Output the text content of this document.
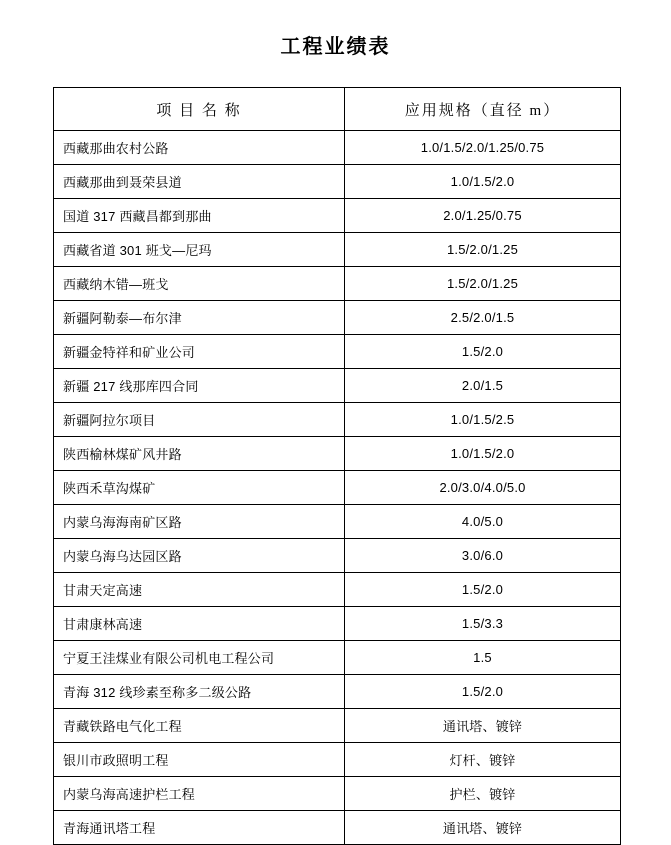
工程业绩表
项 目 名 称	应用规格（直径 m）
西藏那曲农村公路	1.0/1.5/2.0/1.25/0.75
西藏那曲到聂荣县道	1.0/1.5/2.0
国道 317 西藏昌都到那曲	2.0/1.25/0.75
西藏省道 301 班戈—尼玛	1.5/2.0/1.25
西藏纳木错—班戈	1.5/2.0/1.25
新疆阿勒泰—布尔津	2.5/2.0/1.5
新疆金特祥和矿业公司	1.5/2.0
新疆 217 线那库四合同	2.0/1.5
新疆阿拉尔项目	1.0/1.5/2.5
陕西榆林煤矿风井路	1.0/1.5/2.0
陕西禾草沟煤矿	2.0/3.0/4.0/5.0
内蒙乌海海南矿区路	4.0/5.0
内蒙乌海乌达园区路	3.0/6.0
甘肃天定高速	1.5/2.0
甘肃康林高速	1.5/3.3
宁夏王洼煤业有限公司机电工程公司	1.5
青海 312 线珍素至称多二级公路	1.5/2.0
青藏铁路电气化工程	通讯塔、镀锌
银川市政照明工程	灯杆、镀锌
内蒙乌海高速护栏工程	护栏、镀锌
青海通讯塔工程	通讯塔、镀锌
